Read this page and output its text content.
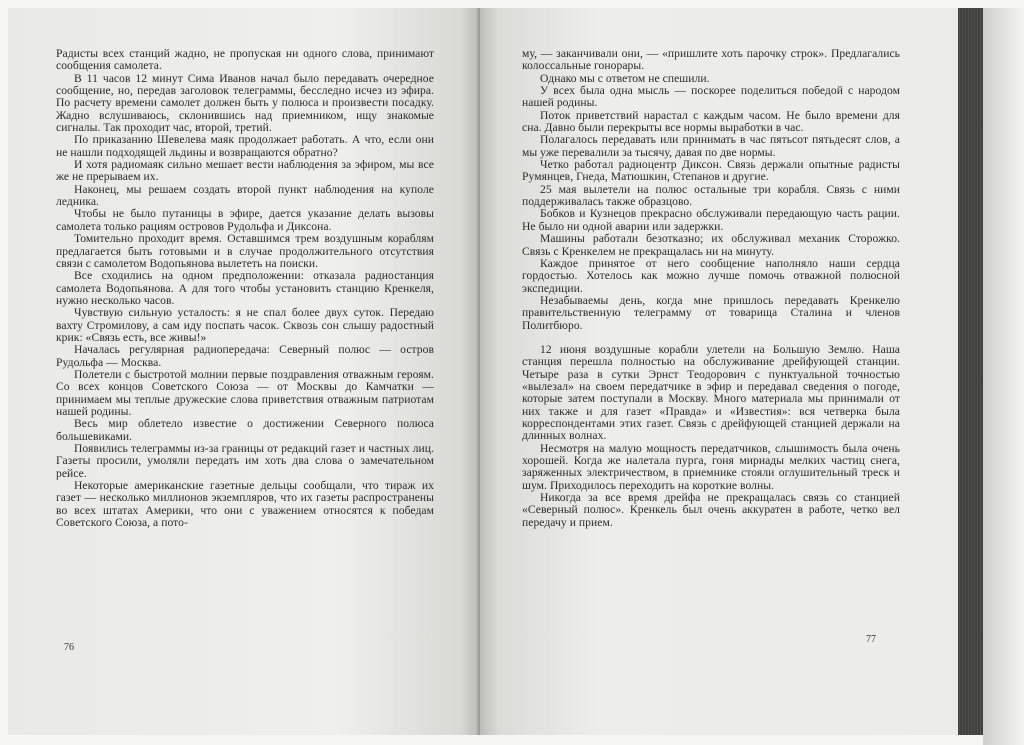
Радисты всех станций жадно, не пропуская ни одного слова, принимают сообщения самолета.

В 11 часов 12 минут Сима Иванов начал было передавать очередное сообщение, но, передав заголовок телеграммы, бесследно исчез из эфира. По расчету времени самолет должен быть у полюса и произвести посадку. Жадно вслушиваюсь, склонившись над приемником, ищу знакомые сигналы. Так проходит час, второй, третий.

По приказанию Шевелева маяк продолжает работать. А что, если они не нашли подходящей льдины и возвращаются обратно?

И хотя радиомаяк сильно мешает вести наблюдения за эфиром, мы все же не прерываем их.

Наконец, мы решаем создать второй пункт наблюдения на куполе ледника.

Чтобы не было путаницы в эфире, дается указание делать вызовы самолета только рациям островов Рудольфа и Диксона.

Томительно проходит время. Оставшимся трем воздушным кораблям предлагается быть готовыми и в случае продолжительного отсутствия связи с самолетом Водопьянова вылететь на поиски.

Все сходились на одном предположении: отказала радиостанция самолета Водопьянова. А для того чтобы установить станцию Кренкеля, нужно несколько часов.

Чувствую сильную усталость: я не спал более двух суток. Передаю вахту Стромилову, а сам иду поспать часок. Сквозь сон слышу радостный крик: «Связь есть, все живы!»

Началась регулярная радиопередача: Северный полюс — остров Рудольфа — Москва.

Полетели с быстротой молнии первые поздравления отважным героям. Со всех концов Советского Союза — от Москвы до Камчатки — принимаем мы теплые дружеские слова приветствия отважным патриотам нашей родины.

Весь мир облетело известие о достижении Северного полюса большевиками.

Появились телеграммы из-за границы от редакций газет и частных лиц. Газеты просили, умоляли передать им хоть два слова о замечательном рейсе.

Некоторые американские газетные дельцы сообщали, что тираж их газет — несколько миллионов экземпляров, что их газеты распространены во всех штатах Америки, что они с уважением относятся к победам Советского Союза, а пото-

76

му, — заканчивали они, — «пришлите хоть парочку строк». Предлагались колоссальные гонорары.

Однако мы с ответом не спешили.

У всех была одна мысль — поскорее поделиться победой с народом нашей родины.

Поток приветствий нарастал с каждым часом. Не было времени для сна. Давно были перекрыты все нормы выработки в час.

Полагалось передавать или принимать в час пятьсот пятьдесят слов, а мы уже перевалили за тысячу, давая по две нормы.

Четко работал радиоцентр Диксон. Связь держали опытные радисты Румянцев, Гнеда, Матюшкин, Степанов и другие.

25 мая вылетели на полюс остальные три корабля. Связь с ними поддерживалась также образцово.

Бобков и Кузнецов прекрасно обслуживали передающую часть рации. Не было ни одной аварии или задержки.

Машины работали безотказно; их обслуживал механик Сторожко. Связь с Кренкелем не прекращалась ни на минуту.

Каждое принятое от него сообщение наполняло наши сердца гордостью. Хотелось как можно лучше помочь отважной полюсной экспедиции.

Незабываемы день, когда мне пришлось передавать Кренкелю правительственную телеграмму от товарища Сталина и членов Политбюро.

12 июня воздушные корабли улетели на Большую Землю. Наша станция перешла полностью на обслуживание дрейфующей станции. Четыре раза в сутки Эрнст Теодорович с пунктуальной точностью «вылезал» на своем передатчике в эфир и передавал сведения о погоде, которые затем поступали в Москву. Много материала мы принимали от них также и для газет «Правда» и «Известия»: вся четверка была корреспондентами этих газет. Связь с дрейфующей станцией держали на длинных волнах.

Несмотря на малую мощность передатчиков, слышимость была очень хорошей. Когда же налетала пурга, гоня мириады мелких частиц снега, заряженных электричеством, в приемнике стояли оглушительный треск и шум. Приходилось переходить на короткие волны.

Никогда за все время дрейфа не прекращалась связь со станцией «Северный полюс». Кренкель был очень аккуратен в работе, четко вел передачу и прием.

77
